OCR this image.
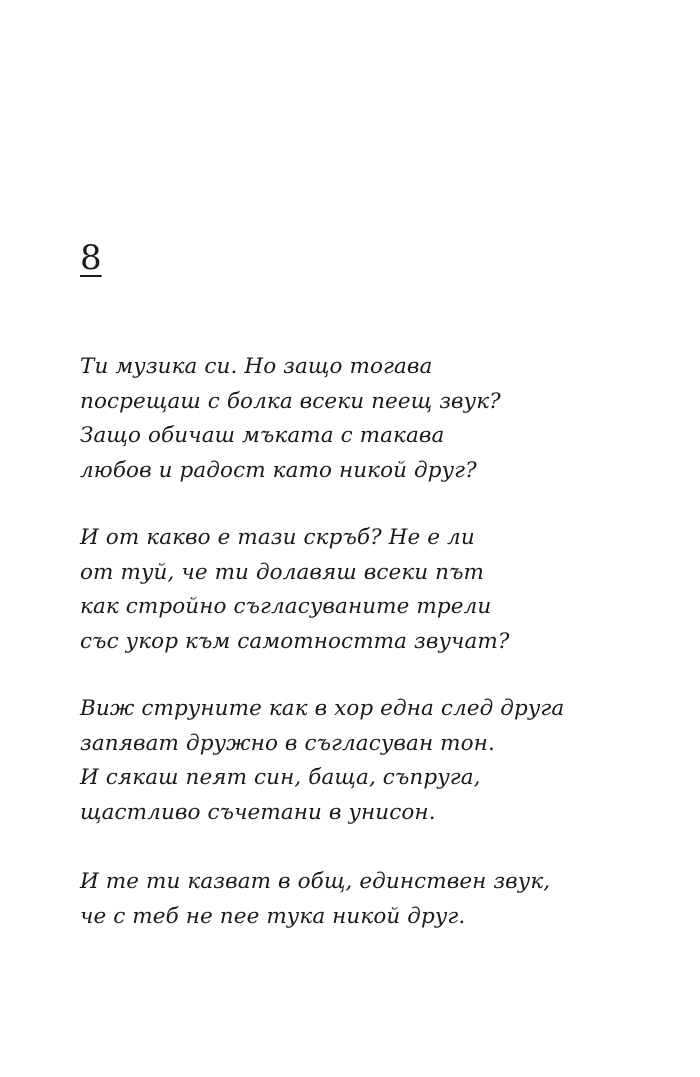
8

Ти музика си. Но защо тогава
посрещаш с болка всеки пеещ звук?
Защо обичаш мъката с такава
любов и радост като никой друг?

И от какво е тази скръб? Не е ли
от туй, че ти долавяш всеки път
как стройно съгласуваните трели
със укор към самотността звучат?

Виж струните как в хор една след друга
запяват дружно в съгласуван тон.
И сякаш пеят син, баща, съпруга,
щастливо съчетани в унисон.

И те ти казват в общ, единствен звук,
че с теб не пее тука никой друг.
